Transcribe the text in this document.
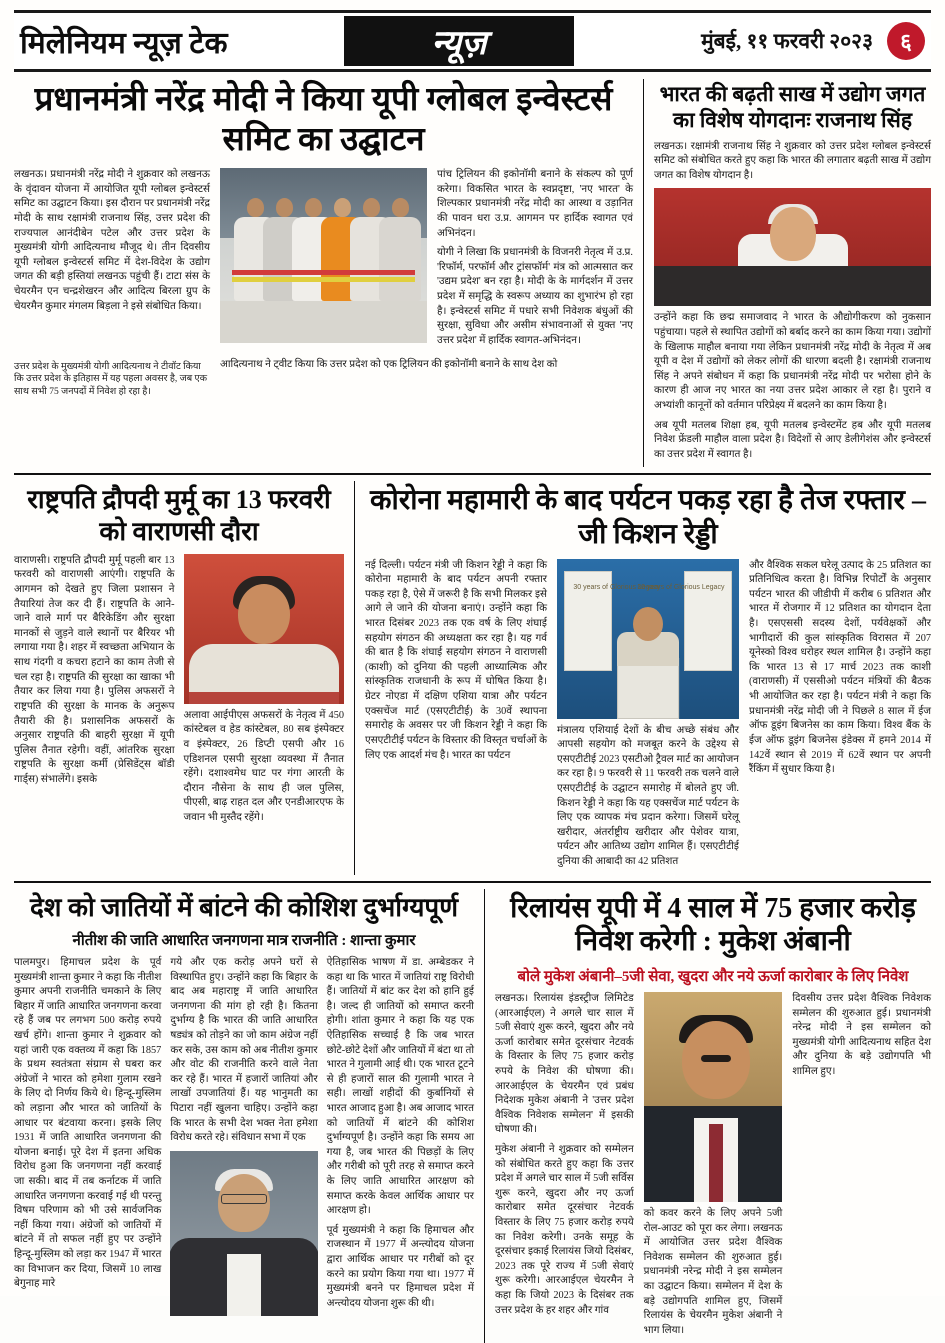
मिलेनियम न्यूज़ टेक	न्यूज़	मुंबई, ११ फरवरी २०२३	६
प्रधानमंत्री नरेंद्र मोदी ने किया यूपी ग्लोबल इन्वेस्टर्स समिट का उद्घाटन

लखनऊ। प्रधानमंत्री नरेंद्र मोदी ने शुक्रवार को लखनऊ के वृंदावन योजना में आयोजित यूपी ग्लोबल इन्वेस्टर्स समिट का उद्घाटन किया। इस दौरान पर प्रधानमंत्री नरेंद्र मोदी के साथ रक्षामंत्री राजनाथ सिंह, उत्तर प्रदेश की राज्यपाल आनंदीबेन पटेल और उत्तर प्रदेश के मुख्यमंत्री योगी आदित्यनाथ मौजूद थे। तीन दिवसीय यूपी ग्लोबल इन्वेस्टर्स समिट में देश-विदेश के उद्योग जगत की बड़ी हस्तियां लखनऊ पहुंची हैं। टाटा संस के चेयरमैन एन चन्द्रशेखरन और आदित्य बिरला ग्रुप के चेयरमैन कुमार मंगलम बिड़ला ने इसे संबोधित किया।

पांच ट्रिलियन की इकोनॉमी बनाने के संकल्प को पूर्ण करेगा। विकसित भारत के स्वप्नदृष्टा, 'नए भारत' के शिल्पकार प्रधानमंत्री नरेंद्र मोदी का आस्था व उड़ानित की पावन धरा उ.प्र. आगमन पर हार्दिक स्वागत एवं अभिनंदन।

योगी ने लिखा कि प्रधानमंत्री के विजनरी नेतृत्व में उ.प्र. 'रिफॉर्म, परफॉर्म और ट्रांसफॉर्म' मंत्र को आत्मसात कर 'उद्यम प्रदेश' बन रहा है। मोदी के के मार्गदर्शन में उत्तर प्रदेश में समृद्धि के स्वरूप अध्याय का शुभारंभ हो रहा है। इन्वेस्टर्स समिट में पधारे सभी निवेशक बंधुओं की सुरक्षा, सुविधा और असीम संभावनाओं से युक्त 'नए उत्तर प्रदेश' में हार्दिक स्वागत-अभिनंदन।

उत्तर प्रदेश के मुख्यमंत्री योगी आदित्यनाथ ने टीवॉट किया कि उत्तर प्रदेश के इतिहास में यह पहला अवसर है, जब एक साथ सभी 75 जनपदों में निवेश हो रहा है।

आदित्यनाथ ने ट्वीट किया कि उत्तर प्रदेश को एक ट्रिलियन की इकोनॉमी बनाने के साथ देश को

भारत की बढ़ती साख में उद्योग जगत का विशेष योगदानः राजनाथ सिंह

लखनऊ। रक्षामंत्री राजनाथ सिंह ने शुक्रवार को उत्तर प्रदेश ग्लोबल इन्वेस्टर्स समिट को संबोधित करते हुए कहा कि भारत की लगातार बढ़ती साख में उद्योग जगत का विशेष योगदान है।

उन्होंने कहा कि छद्म समाजवाद ने भारत के औद्योगीकरण को नुकसान पहुंचाया। पहले से स्थापित उद्योगों को बर्बाद करने का काम किया गया। उद्योगों के खिलाफ माहौल बनाया गया लेकिन प्रधानमंत्री नरेंद्र मोदी के नेतृत्व में अब यूपी व देश में उद्योगों को लेकर लोगों की धारणा बदली है। रक्षामंत्री राजनाथ सिंह ने अपने संबोधन में कहा कि प्रधानमंत्री नरेंद्र मोदी पर भरोसा होने के कारण ही आज नए भारत का नया उत्तर प्रदेश आकार ले रहा है। पुराने व अभ्यांशी कानूनों को वर्तमान परिप्रेक्ष्य में बदलने का काम किया है।

अब यूपी मतलब शिक्षा हब, यूपी मतलब इन्वेस्टमेंट हब और यूपी मतलब निवेश फ्रेंडली माहौल वाला प्रदेश है। विदेशों से आए डेलीगेशंस और इन्वेस्टर्स का उत्तर प्रदेश में स्वागत है।

राष्ट्रपति द्रौपदी मुर्मू का 13 फरवरी को वाराणसी दौरा

वाराणसी। राष्ट्रपति द्रौपदी मुर्मू पहली बार 13 फरवरी को वाराणसी आएंगी। राष्ट्रपति के आगमन को देखते हुए जिला प्रशासन ने तैयारियां तेज कर दी हैं। राष्ट्रपति के आने-जाने वाले मार्ग पर बैरिकेडिंग और सुरक्षा मानकों से जुड़ने वाले स्थानों पर बैरियर भी लगाया गया है। शहर में स्वच्छता अभियान के साथ गंदगी व कचरा हटाने का काम तेजी से चल रहा है। राष्ट्रपति की सुरक्षा का खाका भी तैयार कर लिया गया है। पुलिस अफसरों ने राष्ट्रपति की सुरक्षा के मानक के अनुरूप तैयारी की है। प्रशासनिक अफसरों के अनुसार राष्ट्रपति की बाहरी सुरक्षा में यूपी पुलिस तैनात रहेगी। वहीं, आंतरिक सुरक्षा राष्ट्रपति के सुरक्षा कर्मी (प्रेसिडेंट्स बॉडी गार्ड्स) संभालेंगे। इसके

अलावा आईपीएस अफसरों के नेतृत्व में 450 कांस्टेबल व हेड कांस्टेबल, 80 सब इंस्पेक्टर व इंस्पेक्टर, 26 डिप्टी एसपी और 16 एडिशनल एसपी सुरक्षा व्यवस्था में तैनात रहेंगे। दशाश्वमेध घाट पर गंगा आरती के दौरान नौसेना के साथ ही जल पुलिस, पीएसी, बाढ़ राहत दल और एनडीआरएफ के जवान भी मुस्तैद रहेंगे।

कोरोना महामारी के बाद पर्यटन पकड़ रहा है तेज रफ्तार – जी किशन रेड्डी

नई दिल्ली। पर्यटन मंत्री जी किशन रेड्डी ने कहा कि कोरोना महामारी के बाद पर्यटन अपनी रफ्तार पकड़ रहा है, ऐसे में जरूरी है कि सभी मिलकर इसे आगे ले जाने की योजना बनाएं। उन्होंने कहा कि भारत दिसंबर 2023 तक एक वर्ष के लिए शंघाई सहयोग संगठन की अध्यक्षता कर रहा है। यह गर्व की बात है कि शंघाई सहयोग संगठन ने वाराणसी (काशी) को दुनिया की पहली आध्यात्मिक और सांस्कृतिक राजधानी के रूप में घोषित किया है। ग्रेटर नोएडा में दक्षिण एशिया यात्रा और पर्यटन एक्सचेंज मार्ट (एसएटीटीई) के 30वें स्थापना समारोह के अवसर पर जी किशन रेड्डी ने कहा कि एसएटीटीई पर्यटन के विस्तार की विस्तृत चर्चाओं के लिए एक आदर्श मंच है। भारत का पर्यटन

30 years of Glorious Legacy
30 years of Glorious Legacy

मंत्रालय एशियाई देशों के बीच अच्छे संबंध और आपसी सहयोग को मजबूत करने के उद्देश्य से एसएटीटीई 2023 एसटीओ ट्रैवल मार्ट का आयोजन कर रहा है। 9 फरवरी से 11 फरवरी तक चलने वाले एसएटीटीई के उद्घाटन समारोह में बोलते हुए जी. किशन रेड्डी ने कहा कि यह एक्सचेंज मार्ट पर्यटन के लिए एक व्यापक मंच प्रदान करेगा। जिसमें घरेलू खरीदार, अंतर्राष्ट्रीय खरीदार और पेशेवर यात्रा, पर्यटन और आतिथ्य उद्योग शामिल हैं। एसएटीटीई दुनिया की आबादी का 42 प्रतिशत

और वैश्विक सकल घरेलू उत्पाद के 25 प्रतिशत का प्रतिनिधित्व करता है। विभिन्न रिपोर्टों के अनुसार पर्यटन भारत की जीडीपी में करीब 6 प्रतिशत और भारत में रोजगार में 12 प्रतिशत का योगदान देता है। एसएससी सदस्य देशों, पर्यवेक्षकों और भागीदारों की कुल सांस्कृतिक विरासत में 207 यूनेस्को विश्व धरोहर स्थल शामिल है। उन्होंने कहा कि भारत 13 से 17 मार्च 2023 तक काशी (वाराणसी) में एससीओ पर्यटन मंत्रियों की बैठक भी आयोजित कर रहा है। पर्यटन मंत्री ने कहा कि प्रधानमंत्री नरेंद्र मोदी जी ने पिछले 8 साल में ईज ऑफ डूइंग बिजनेस का काम किया। विश्व बैंक के ईज ऑफ डूइंग बिजनेस इंडेक्स में हमने 2014 में 142वें स्थान से 2019 में 62वें स्थान पर अपनी रैंकिंग में सुधार किया है।

देश को जातियों में बांटने की कोशिश दुर्भाग्यपूर्ण
नीतीश की जाति आधारित जनगणना मात्र राजनीति : शान्ता कुमार

पालमपुर। हिमाचल प्रदेश के पूर्व मुख्यमंत्री शान्ता कुमार ने कहा कि नीतीश कुमार अपनी राजनीति चमकाने के लिए बिहार में जाति आधारित जनगणना करवा रहे हैं जब पर लगभग 500 करोड़ रुपये खर्च होंगे। शान्ता कुमार ने शुक्रवार को यहां जारी एक वक्तव्य में कहा कि 1857 के प्रथम स्वतंत्रता संग्राम से घबरा कर अंग्रेजों ने भारत को हमेशा गुलाम रखने के लिए दो निर्णय किये थे। हिन्दू-मुस्लिम को लड़ाना और भारत को जातियों के आधार पर बंटवाया करना। इसके लिए 1931 में जाति आधारित जनगणना की योजना बनाई। पूरे देश में इतना अधिक विरोध हुआ कि जनगणना नहीं करवाई जा सकी। बाद में तब कर्नाटक में जाति आधारित जनगणना करवाई गई थी परन्तु विषम परिणाम को भी उसे सार्वजनिक नहीं किया गया। अंग्रेजों को जातियों में बांटने में तो सफल नहीं हुए पर उन्होंने हिन्दू-मुस्लिम को लड़ा कर 1947 में भारत का विभाजन कर दिया, जिसमें 10 लाख बेगुनाह मारे

गये और एक करोड़ अपने घरों से विस्थापित हुए। उन्होंने कहा कि बिहार के बाद अब महाराष्ट्र में जाति आधारित जनगणना की मांग हो रही है। कितना दुर्भाग्य है कि भारत की जाति आधारित षड्यंत्र को तोड़ने का जो काम अंग्रेज नहीं कर सके, उस काम को अब नीतीश कुमार और वोट की राजनीति करने वाले नेता कर रहे हैं। भारत में हजारों जातियां और लाखों उपजातियां हैं। यह भानुमती का पिटारा नहीं खुलना चाहिए। उन्होंने कहा कि भारत के सभी देश भक्त नेता हमेशा विरोध करते रहे। संविधान सभा में एक

ऐतिहासिक भाषण में डा. अम्बेडकर ने कहा था कि भारत में जातियां राष्ट्र विरोधी हैं। जातियों में बांट कर देश को हानि हुई है। जल्द ही जातियों को समाप्त करनी होगी। शांता कुमार ने कहा कि यह एक ऐतिहासिक सच्चाई है कि जब भारत छोटे-छोटे देशों और जातियों में बंटा था तो भारत ने गुलामी आई थी। एक भारत टूटने से ही हजारों साल की गुलामी भारत ने सही। लाखों शहीदों की कुर्बानियों से भारत आजाद हुआ है। अब आजाद भारत को जातियों में बांटने की कोशिश दुर्भाग्यपूर्ण है। उन्होंने कहा कि समय आ गया है, जब भारत की पिछड़ों के लिए और गरीबी को पूरी तरह से समाप्त करने के लिए जाति आधारित आरक्षण को समाप्त करके केवल आर्थिक आधार पर आरक्षण हो।

पूर्व मुख्यमंत्री ने कहा कि हिमाचल और राजस्थान में 1977 में अन्त्योदय योजना द्वारा आर्थिक आधार पर गरीबों को दूर करने का प्रयोग किया गया था। 1977 में मुख्यमंत्री बनने पर हिमाचल प्रदेश में अन्त्योदय योजना शुरू की थी।

रिलायंस यूपी में 4 साल में 75 हजार करोड़ निवेश करेगी : मुकेश अंबानी
बोले मुकेश अंबानी–5जी सेवा, खुदरा और नये ऊर्जा कारोबार के लिए निवेश

लखनऊ। रिलायंस इंडस्ट्रीज लिमिटेड (आरआईएल) ने अगले चार साल में 5जी सेवाएं शुरू करने, खुदरा और नये ऊर्जा कारोबार समेत दूरसंचार नेटवर्क के विस्तार के लिए 75 हजार करोड़ रुपये के निवेश की घोषणा की। आरआईएल के चेयरमैन एवं प्रबंध निदेशक मुकेश अंबानी ने 'उत्तर प्रदेश वैश्विक निवेशक सम्मेलन' में इसकी घोषणा की।

मुकेश अंबानी ने शुक्रवार को सम्मेलन को संबोधित करते हुए कहा कि उत्तर प्रदेश में अगले चार साल में 5जी सर्विस शुरू करने, खुदरा और नए ऊर्जा कारोबार समेत दूरसंचार नेटवर्क विस्तार के लिए 75 हजार करोड़ रुपये का निवेश करेगी। उनके समूह के दूरसंचार इकाई रिलायंस जियो दिसंबर, 2023 तक पूरे राज्य में 5जी सेवाएं शुरू करेगी। आरआईएल चेयरमैन ने कहा कि जियो 2023 के दिसंबर तक उत्तर प्रदेश के हर शहर और गांव

को कवर करने के लिए अपने 5जी रोल-आउट को पूरा कर लेगा। लखनऊ में आयोजित उत्तर प्रदेश वैश्विक निवेशक सम्मेलन की शुरुआत हुई। प्रधानमंत्री नरेन्द्र मोदी ने इस सम्मेलन का उद्घाटन किया। सम्मेलन में देश के बड़े उद्योगपति शामिल हुए, जिसमें रिलायंस के चेयरमैन मुकेश अंबानी ने भाग लिया।

दिवसीय उत्तर प्रदेश वैश्विक निवेशक सम्मेलन की शुरुआत हुई। प्रधानमंत्री नरेन्द्र मोदी ने इस सम्मेलन को मुख्यमंत्री योगी आदित्यनाथ सहित देश और दुनिया के बड़े उद्योगपति भी शामिल हुए।
